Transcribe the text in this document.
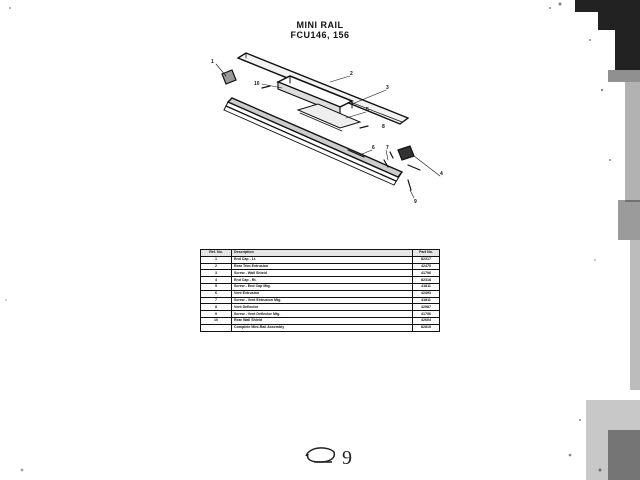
MINI RAIL
FCU146, 156
1
2
3
4
5
6 7
8
9
10
Ref. No.	Description	Part No.
1	End Cap - Lt.	82317
2	Rear Trim Extrusion	42475
3	Screw - Wall Shield	41796
4	End Cap - Rt.	82318
5	Screw - End Cap Mtg.	41811
6	Vent Extrusion	42493
7	Screw - Vent Extrusion Mtg.	41811
8	Vent Deflector	42987
9	Screw - Vent Deflector Mtg.	41796
10	Rear Wall Shield	42604
	Complete Mini-Rail Assembly	82815
9
